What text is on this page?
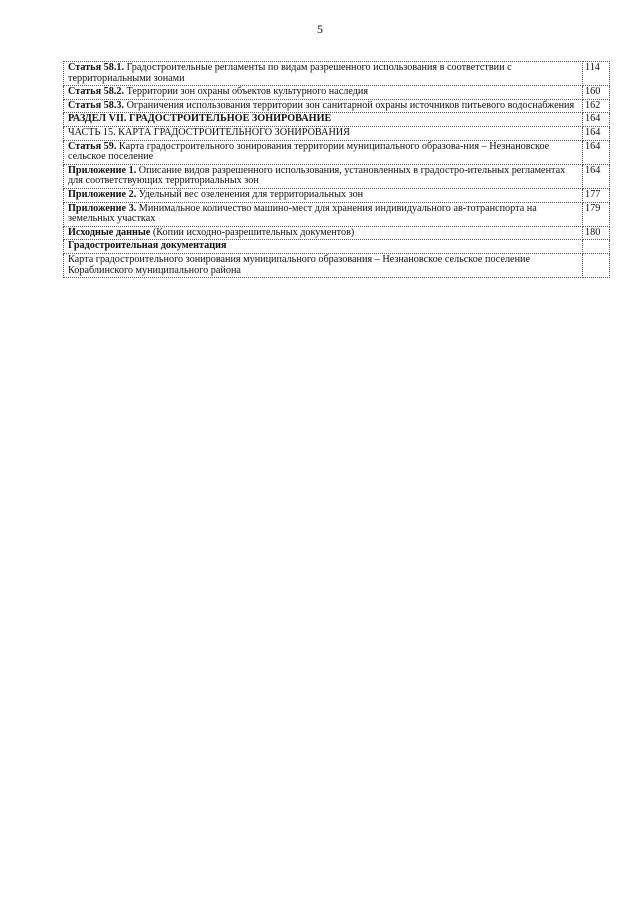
5
Статья 58.1. Градостроительные регламенты по видам разрешенного использования в соответствии с территориальными зонами	114
Статья 58.2. Территории зон охраны объектов культурного наследия	160
Статья 58.3. Ограничения использования территории зон санитарной охраны источников питьевого водоснабжения	162
РАЗДЕЛ VII. ГРАДОСТРОИТЕЛЬНОЕ ЗОНИРОВАНИЕ	164
ЧАСТЬ 15. КАРТА ГРАДОСТРОИТЕЛЬНОГО ЗОНИРОВАНИЯ	164
Статья 59. Карта градостроительного зонирования территории муниципального образова-ния – Незнановское сельское поселение	164
Приложение 1. Описание видов разрешенного использования, установленных в градостро-ительных регламентах для соответствующих территориальных зон	164
Приложение 2. Удельный вес озеленения для территориальных зон	177
Приложение 3. Минимальное количество машино-мест для хранения индивидуального ав-тотранспорта на земельных участках	179
Исходные данные (Копии исходно-разрешительных документов)	180
Градостроительная документация	
Карта градостроительного зонирования муниципального образования – Незнановское сельское поселение Кораблинского муниципального района	
